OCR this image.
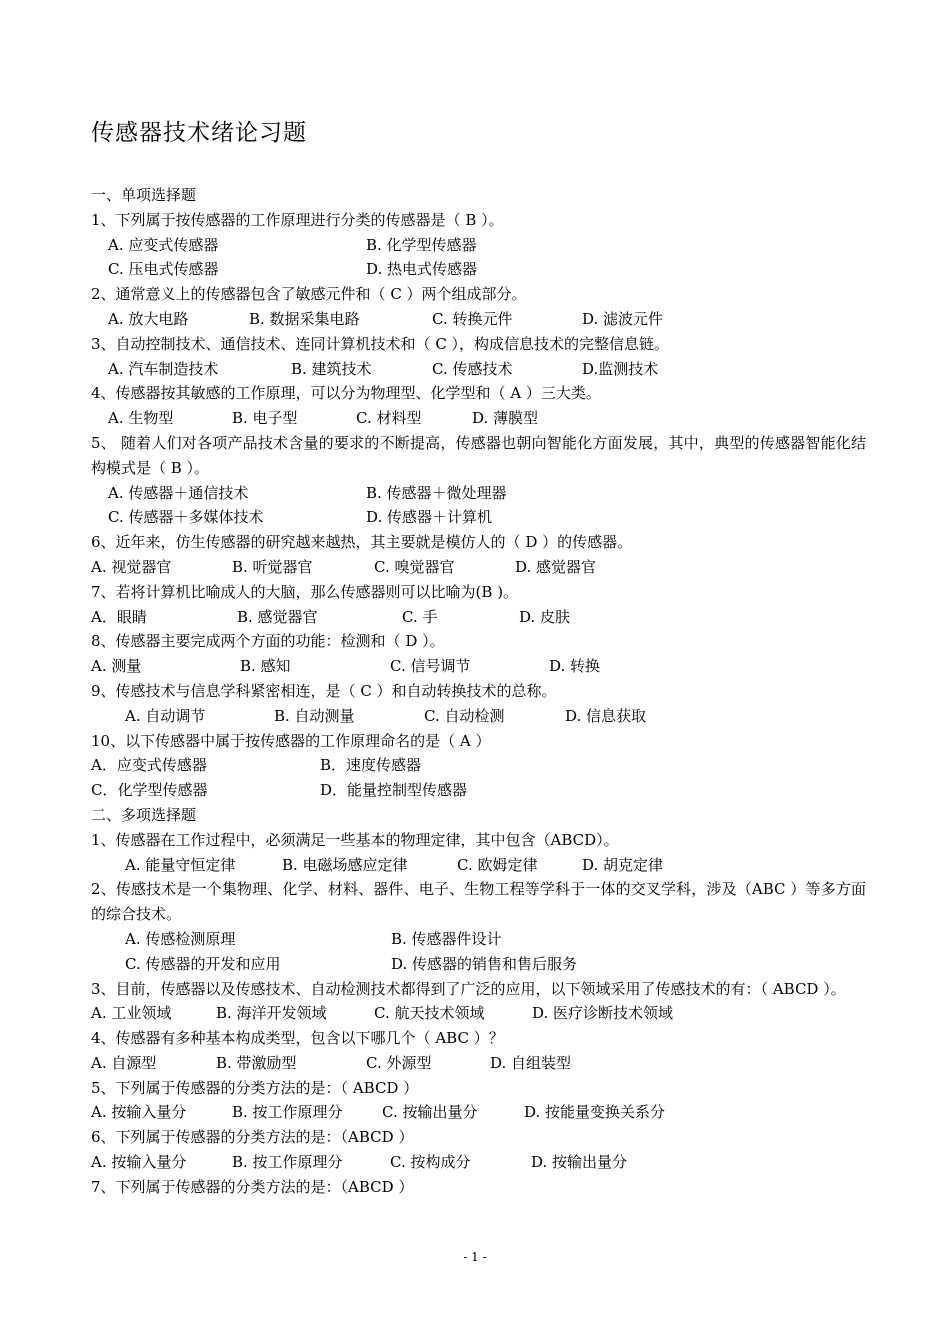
传感器技术绪论习题
一、单项选择题
1、下列属于按传感器的工作原理进行分类的传感器是（ B ）。
A. 应变式传感器	B. 化学型传感器
C. 压电式传感器	D. 热电式传感器
2、通常意义上的传感器包含了敏感元件和（ C ）两个组成部分。
A. 放大电路	B. 数据采集电路	C. 转换元件	D. 滤波元件
3、自动控制技术、通信技术、连同计算机技术和（ C ），构成信息技术的完整信息链。
A. 汽车制造技术	B. 建筑技术	C. 传感技术	D.监测技术
4、传感器按其敏感的工作原理，可以分为物理型、化学型和（ A ）三大类。
A. 生物型	B. 电子型	C. 材料型	D. 薄膜型
5、 随着人们对各项产品技术含量的要求的不断提高，传感器也朝向智能化方面发展，其中，典型的传感器智能化结构模式是（ B ）。
A. 传感器＋通信技术	B. 传感器＋微处理器
C. 传感器＋多媒体技术	D. 传感器＋计算机
6、近年来，仿生传感器的研究越来越热，其主要就是模仿人的（ D ）的传感器。
A. 视觉器官	B. 听觉器官	C. 嗅觉器官	D. 感觉器官
7、若将计算机比喻成人的大脑，那么传感器则可以比喻为(B )。
A．眼睛	B. 感觉器官	C. 手	D. 皮肤
8、传感器主要完成两个方面的功能：检测和（ D ）。
A. 测量	B. 感知	C. 信号调节	D. 转换
9、传感技术与信息学科紧密相连，是（ C ）和自动转换技术的总称。
A. 自动调节	B. 自动测量	C. 自动检测	D. 信息获取
10、以下传感器中属于按传感器的工作原理命名的是（ A ）
A．应变式传感器	B．速度传感器
C．化学型传感器	D．能量控制型传感器
二、多项选择题
1、传感器在工作过程中，必须满足一些基本的物理定律，其中包含（ABCD）。
A. 能量守恒定律	B. 电磁场感应定律	C. 欧姆定律	D. 胡克定律
2、传感技术是一个集物理、化学、材料、器件、电子、生物工程等学科于一体的交叉学科，涉及（ABC ）等多方面的综合技术。
A. 传感检测原理	B. 传感器件设计
C. 传感器的开发和应用	D. 传感器的销售和售后服务
3、目前，传感器以及传感技术、自动检测技术都得到了广泛的应用，以下领域采用了传感技术的有：（ ABCD ）。
A. 工业领域	B. 海洋开发领域	C. 航天技术领域	D. 医疗诊断技术领域
4、传感器有多种基本构成类型，包含以下哪几个（ ABC ）？
A. 自源型	B. 带激励型	C. 外源型	D. 自组装型
5、下列属于传感器的分类方法的是：（ ABCD ）
A. 按输入量分	B. 按工作原理分	C. 按输出量分	D. 按能量变换关系分
6、下列属于传感器的分类方法的是：（ABCD ）
A. 按输入量分	B. 按工作原理分	C. 按构成分	D. 按输出量分
7、下列属于传感器的分类方法的是：（ABCD ）
- 1 -
